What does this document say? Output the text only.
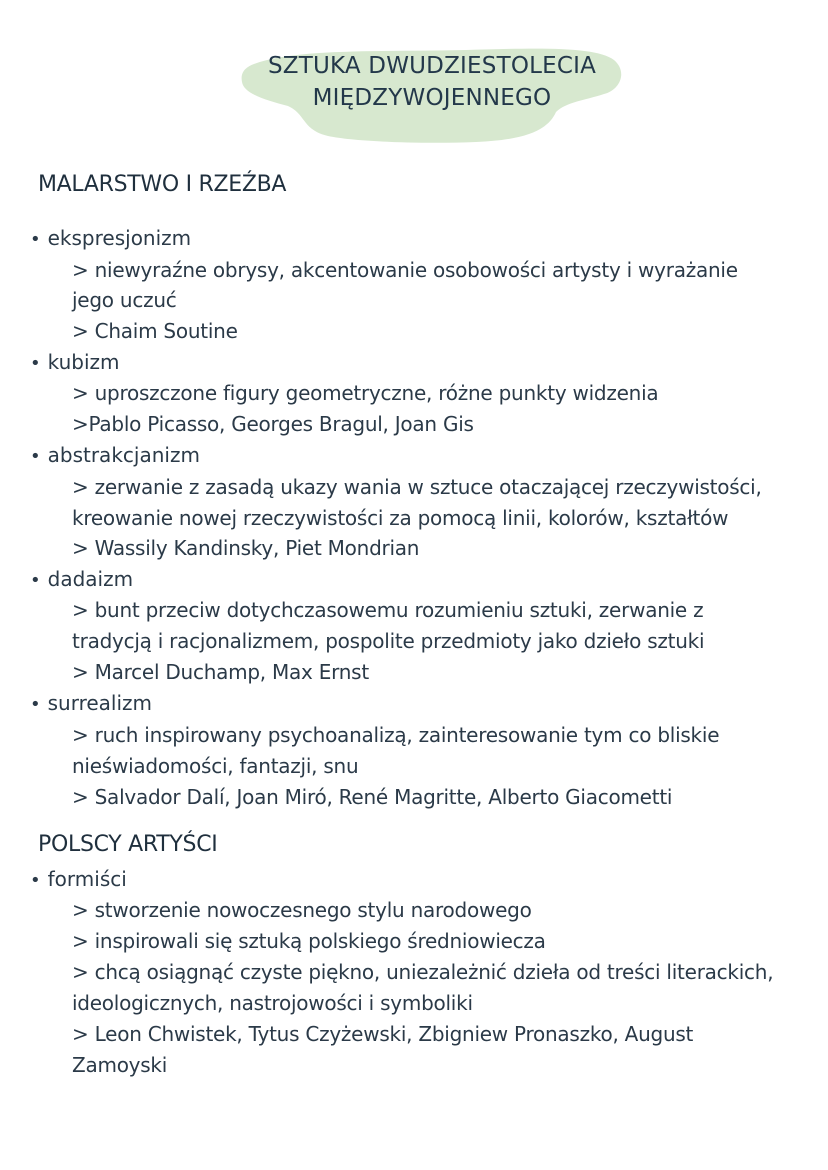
SZTUKA DWUDZIESTOLECIA
MIĘDZYWOJENNEGO
MALARSTWO I RZEŹBA
• ekspresjonizm
> niewyraźne obrysy, akcentowanie osobowości artysty i wyrażanie
jego uczuć
> Chaim Soutine
• kubizm
> uproszczone figury geometryczne, różne punkty widzenia
>Pablo Picasso, Georges Bragul, Joan Gis
• abstrakcjanizm
> zerwanie z zasadą ukazy wania w sztuce otaczającej rzeczywistości,
kreowanie nowej rzeczywistości za pomocą linii, kolorów, kształtów
> Wassily Kandinsky, Piet Mondrian
• dadaizm
> bunt przeciw dotychczasowemu rozumieniu sztuki, zerwanie z
tradycją i racjonalizmem, pospolite przedmioty jako dzieło sztuki
> Marcel Duchamp, Max Ernst
• surrealizm
> ruch inspirowany psychoanalizą, zainteresowanie tym co bliskie
nieświadomości, fantazji, snu
> Salvador Dalí, Joan Miró, René Magritte, Alberto Giacometti
POLSCY ARTYŚCI
• formiści
> stworzenie nowoczesnego stylu narodowego
> inspirowali się sztuką polskiego średniowiecza
> chcą osiągnąć czyste piękno, uniezależnić dzieła od treści literackich,
ideologicznych, nastrojowości i symboliki
> Leon Chwistek, Tytus Czyżewski, Zbigniew Pronaszko, August
Zamoyski
